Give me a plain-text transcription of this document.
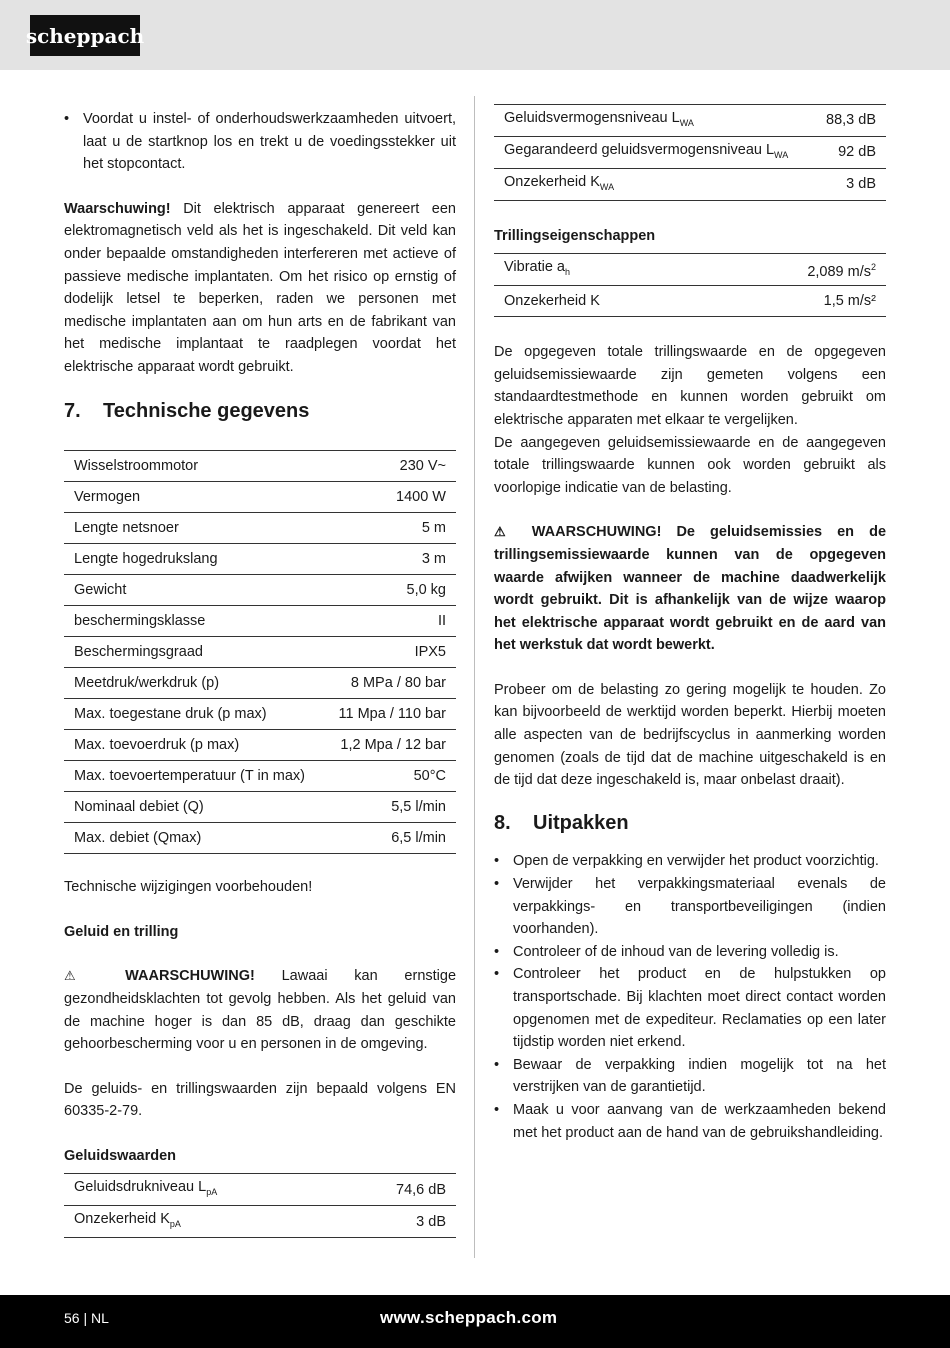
scheppach
• Voordat u instel- of onderhoudswerkzaamheden uitvoert, laat u de startknop los en trekt u de voedingsstekker uit het stopcontact.

Waarschuwing! Dit elektrisch apparaat genereert een elektromagnetisch veld als het is ingeschakeld. Dit veld kan onder bepaalde omstandigheden interfereren met actieve of passieve medische implantaten. Om het risico op ernstig of dodelijk letsel te beperken, raden we personen met medische implantaten aan om hun arts en de fabrikant van het medische implantaat te raadplegen voordat het elektrische apparaat wordt gebruikt.

7.	Technische gegevens
Wisselstroommotor	230 V~
Vermogen	1400 W
Lengte netsnoer	5 m
Lengte hogedrukslang	3 m
Gewicht	5,0 kg
beschermingsklasse	II
Beschermingsgraad	IPX5
Meetdruk/werkdruk (p)	8 MPa / 80 bar
Max. toegestane druk (p max)	11 Mpa / 110 bar
Max. toevoerdruk (p max)	1,2 Mpa / 12 bar
Max. toevoertemperatuur (T in max)	50°C
Nominaal debiet (Q)	5,5 l/min
Max. debiet (Qmax)	6,5 l/min

Technische wijzigingen voorbehouden!

Geluid en trilling

⚠ WAARSCHUWING! Lawaai kan ernstige gezondheidsklachten tot gevolg hebben. Als het geluid van de machine hoger is dan 85 dB, draag dan geschikte gehoorbescherming voor u en personen in de omgeving.

De geluids- en trillingswaarden zijn bepaald volgens EN 60335-2-79.

Geluidswaarden

Geluidsdrukniveau $L_{pA}$	74,6 dB
Onzekerheid $K_{pA}$	3 dB
Geluidsvermogensniveau $L_{WA}$	88,3 dB
Gegarandeerd geluidsvermogensniveau $L_{WA}$	92 dB
Onzekerheid $K_{WA}$	3 dB

Trillingseigenschappen

Vibratie $a_h$	2,089 $m/s^2$
Onzekerheid K	1,5 m/s²

De opgegeven totale trillingswaarde en de opgegeven geluidsemissiewaarde zijn gemeten volgens een standaardtestmethode en kunnen worden gebruikt om elektrische apparaten met elkaar te vergelijken.

De aangegeven geluidsemissiewaarde en de aangegeven totale trillingswaarde kunnen ook worden gebruikt als voorlopige indicatie van de belasting.

⚠ WAARSCHUWING! De geluidsemissies en de trillingsemissiewaarde kunnen van de opgegeven waarde afwijken wanneer de machine daadwerkelijk wordt gebruikt. Dit is afhankelijk van de wijze waarop het elektrische apparaat wordt gebruikt en de aard van het werkstuk dat wordt bewerkt.

Probeer om de belasting zo gering mogelijk te houden. Zo kan bijvoorbeeld de werktijd worden beperkt. Hierbij moeten alle aspecten van de bedrijfscyclus in aanmerking worden genomen (zoals de tijd dat de machine uitgeschakeld is en de tijd dat deze ingeschakeld is, maar onbelast draait).

8.	Uitpakken
• Open de verpakking en verwijder het product voorzichtig.
• Verwijder het verpakkingsmateriaal evenals de verpakkings- en transportbeveiligingen (indien voorhanden).
• Controleer of de inhoud van de levering volledig is.
• Controleer het product en de hulpstukken op transportschade. Bij klachten moet direct contact worden opgenomen met de expediteur. Reclamaties op een later tijdstip worden niet erkend.
• Bewaar de verpakking indien mogelijk tot na het verstrijken van de garantietijd.
• Maak u voor aanvang van de werkzaamheden bekend met het product aan de hand van de gebruikshandleiding.
56 | NL	www.scheppach.com
